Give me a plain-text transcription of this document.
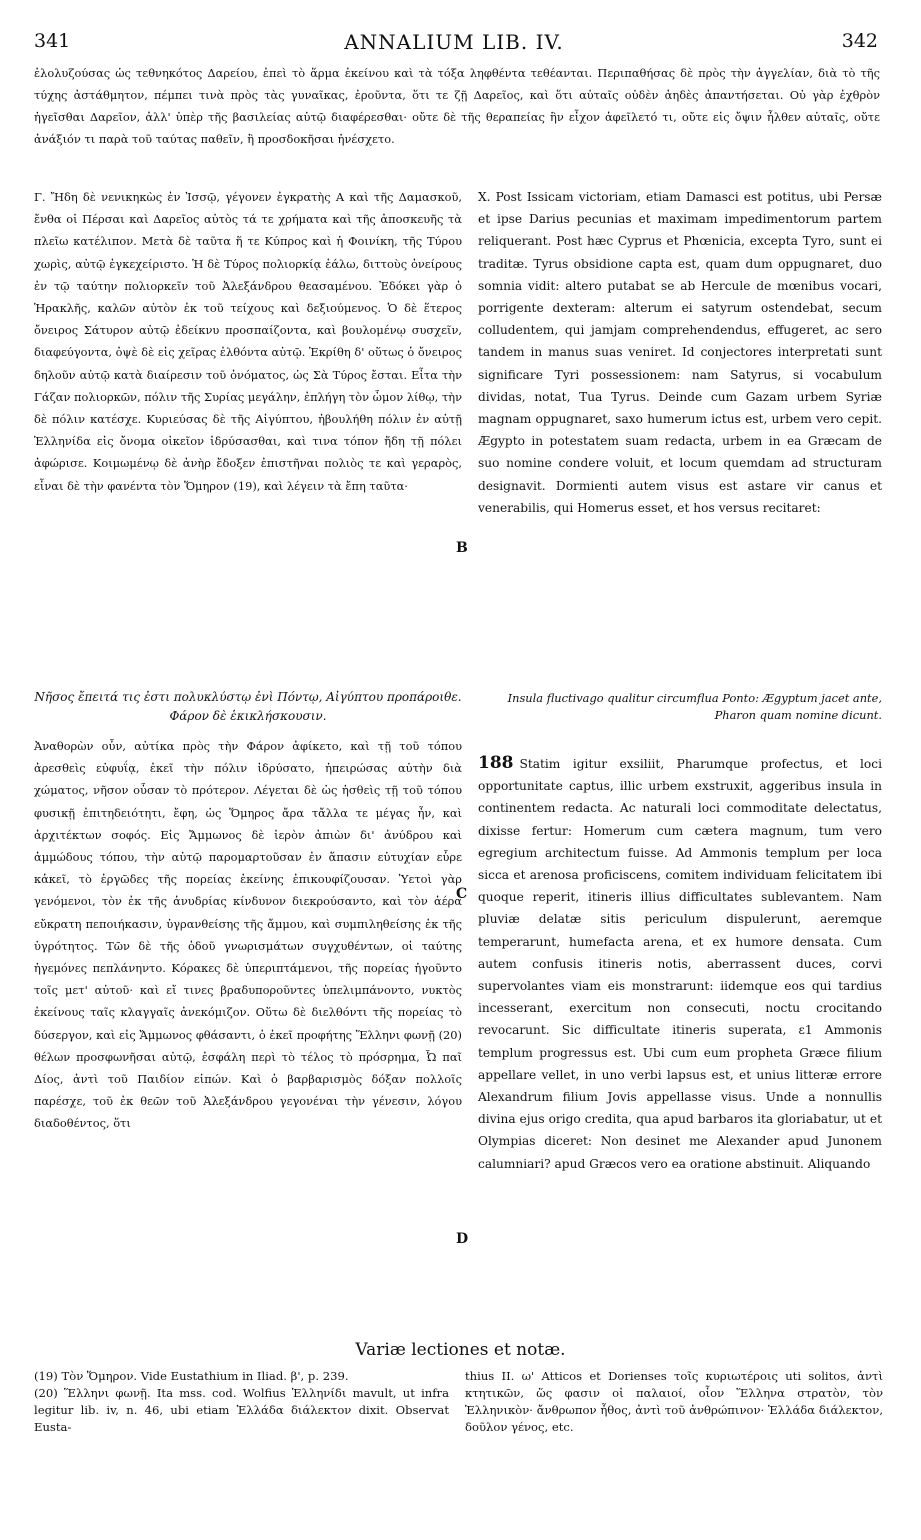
341	ANNALIUM LIB. IV.	342
ἐλολυζούσας ὡς τεθνηκότος Δαρείου, ἐπεὶ τὸ ἅρμα ἐκείνου καὶ τὰ τόξα ληφθέντα τεθέανται. Περιπαθήσας δὲ πρὸς τὴν ἀγγελίαν, διὰ τὸ τῆς τύχης ἀστάθμητον, πέμπει τινὰ πρὸς τὰς γυναῖκας, ἐροῦντα, ὅτι τε ζῇ Δαρεῖος, καὶ ὅτι αὐταῖς οὐδὲν ἀηδὲς ἀπαντήσεται. Οὐ γὰρ ἐχθρὸν ἡγεῖσθαι Δαρεῖον, ἀλλ' ὑπὲρ τῆς βασιλείας αὐτῷ διαφέρεσθαι· οὔτε δὲ τῆς θεραπείας ἣν εἶχον ἀφεῖλετό τι, οὔτε εἰς ὄψιν ἦλθεν αὐταῖς, οὔτε ἀνάξιόν τι παρὰ τοῦ ταύτας παθεῖν, ἢ προσδοκῆσαι ἠνέσχετο.
Γ. Ἤδη δὲ νενικηκὼς ἐν Ἰσσῷ, γέγονεν ἐγκρατὴς Α καὶ τῆς Δαμασκοῦ, ἔνθα οἱ Πέρσαι καὶ Δαρεῖος αὐτὸς τά τε χρήματα καὶ τῆς ἀποσκευῆς τὰ πλεῖω κατέλιπον. Μετὰ δὲ ταῦτα ἥ τε Κύπρος καὶ ἡ Φοινίκη, τῆς Τύρου χωρὶς, αὐτῷ ἐγκεχείριστο. Ἡ δὲ Τύρος πολιορκίᾳ ἑάλω, διττοὺς ὀνείρους ἐν τῷ ταύτην πολιορκεῖν τοῦ Ἀλεξάνδρου θεασαμένου. Ἐδόκει γὰρ ὁ Ἡρακλῆς, καλῶν αὐτὸν ἐκ τοῦ τείχους καὶ δεξιούμενος. Ὁ δὲ ἕτερος ὄνειρος Σάτυρον αὐτῷ ἐδείκνυ προσπαίζοντα, καὶ βουλομένῳ συσχεῖν, διαφεύγοντα, ὀψὲ δὲ εἰς χεῖρας ἐλθόντα αὐτῷ. Ἐκρίθη δ' οὕτως ὁ ὄνειρος δηλοῦν αὐτῷ κατὰ διαίρεσιν τοῦ ὀνόματος, ὡς Σὰ Τύρος ἔσται. Εἶτα τὴν Γάζαν πολιορκῶν, πόλιν τῆς Συρίας μεγάλην, ἐπλήγη τὸν ὦμον λίθῳ, τὴν δὲ πόλιν κατέσχε. Κυριεύσας δὲ τῆς Αἰγύπτου, ἠβουλήθη πόλιν ἐν αὐτῇ Ἑλληνίδα εἰς ὄνομα οἰκεῖον ἱδρύσασθαι, καὶ τινα τόπον ἤδη τῇ πόλει ἀφώρισε. Κοιμωμένῳ δὲ ἀνὴρ ἔδοξεν ἐπιστῆναι πολιὸς τε καὶ γεραρὸς, εἶναι δὲ τὴν φανέντα τὸν Ὅμηρον (19), καὶ λέγειν τὰ ἔπη ταῦτα·
X. Post Issicam victoriam, etiam Damasci est potitus, ubi Persæ et ipse Darius pecunias et maximam impedimentorum partem reliquerant. Post hæc Cyprus et Phœnicia, excepta Tyro, sunt ei traditæ. Tyrus obsidione capta est, quam dum oppugnaret, duo somnia vidit: altero putabat se ab Hercule de mœnibus vocari, porrigente dexteram: alterum ei satyrum ostendebat, secum colludentem, qui jamjam comprehendendus, effugeret, ac sero tandem in manus suas veniret. Id conjectores interpretati sunt significare Tyri possessionem: nam Satyrus, si vocabulum dividas, notat, Tua Tyrus. Deinde cum Gazam urbem Syriæ magnam oppugnaret, saxo humerum ictus est, urbem vero cepit. Ægypto in potestatem suam redacta, urbem in ea Græcam de suo nomine condere voluit, et locum quemdam ad structuram designavit. Dormienti autem visus est astare vir canus et venerabilis, qui Homerus esset, et hos versus recitaret:
B
Νῆσος ἔπειτά τις ἐστι πολυκλύστῳ ἐνὶ Πόντῳ, Αἰγύπτου προπάροιθε. Φάρον δὲ ἑκικλήσκουσιν.
Insula fluctivago qualitur circumflua Ponto: Ægyptum jacet ante, Pharon quam nomine dicunt.
Ἀναθορὼν οὖν, αὐτίκα πρὸς τὴν Φάρον ἀφίκετο, καὶ τῇ τοῦ τόπου ἀρεσθεὶς εὐφυΐᾳ, ἐκεῖ τὴν πόλιν ἱδρύσατο, ἠπειρώσας αὐτὴν διὰ χώματος, νῆσον οὖσαν τὸ πρότερον. Λέγεται δὲ ὡς ἡσθεὶς τῇ τοῦ τόπου φυσικῇ ἐπιτηδειότητι, ἔφη, ὡς Ὅμηρος ἄρα τἄλλα τε μέγας ἦν, καὶ ἀρχιτέκτων σοφός. Εἰς Ἄμμωνος δὲ ἱερὸν ἀπιὼν δι' ἀνύδρου καὶ ἀμμώδους τόπου, τὴν αὐτῷ παρομαρτοῦσαν ἐν ἅπασιν εὐτυχίαν εὗρε κἀκεῖ, τὸ ἐργῶδες τῆς πορείας ἐκείνης ἐπικουφίζουσαν. Ὑετοὶ γὰρ γενόμενοι, τὸν ἐκ τῆς ἀνυδρίας κίνδυνον διεκρούσαντο, καὶ τὸν ἀέρα εὔκρατη πεποιήκασιν, ὑγρανθείσης τῆς ἄμμου, καὶ συμπιληθείσης ἐκ τῆς ὑγρότητος. Τῶν δὲ τῆς ὁδοῦ γνωρισμάτων συγχυθέντων, οἱ ταύτης ἡγεμόνες πεπλάνηντο. Κόρακες δὲ ὑπεριπτάμενοι, τῆς πορείας ἡγοῦντο τοῖς μετ' αὐτοῦ· καὶ εἴ τινες βραδυποροῦντες ὑπελιμπάνοντο, νυκτὸς ἐκείνους ταῖς κλαγγαῖς ἀνεκόμιζον. Οὕτω δὲ διελθόντι τῆς πορείας τὸ δύσεργον, καὶ εἰς Ἄμμωνος φθάσαντι, ὁ ἐκεῖ προφήτης Ἕλληνι φωνῇ (20) θέλων προσφωνῆσαι αὐτῷ, ἐσφάλη περὶ τὸ τέλος τὸ πρόσρημα, Ὦ παῖ Δίος, ἀντὶ τοῦ Παιδίον εἰπών. Καὶ ὁ βαρβαρισμὸς δόξαν πολλοῖς παρέσχε, τοῦ ἐκ θεῶν τοῦ Ἀλεξάνδρου γεγονέναι τὴν γένεσιν, λόγου διαδοθέντος, ὅτι
188 Statim igitur exsiliit, Pharumque profectus, et loci opportunitate captus, illic urbem exstruxit, aggeribus insula in continentem redacta. Ac naturali loci commoditate delectatus, dixisse fertur: Homerum cum cætera magnum, tum vero egregium architectum fuisse. Ad Ammonis templum per loca sicca et arenosa proficiscens, comitem individuam felicitatem ibi quoque reperit, itineris illius difficultates sublevantem. Nam pluviæ delatæ sitis periculum dispulerunt, aeremque temperarunt, humefacta arena, et ex humore densata. Cum autem confusis itineris notis, aberrassent duces, corvi supervolantes viam eis monstrarunt: iidemque eos qui tardius incesserant, exercitum non consecuti, noctu crocitando revocarunt. Sic difficultate itineris superata, ε1 Ammonis templum progressus est. Ubi cum eum propheta Græce filium appellare vellet, in uno verbi lapsus est, et unius litteræ errore Alexandrum filium Jovis appellasse visus. Unde a nonnullis divina ejus origo credita, qua apud barbaros ita gloriabatur, ut et Olympias diceret: Non desinet me Alexander apud Junonem calumniari? apud Græcos vero ea oratione abstinuit. Aliquando
C
D
Variæ lectiones et notæ.

(19) Τὸν Ὅμηρον. Vide Eustathium in Iliad. β', p. 239.

(20) Ἕλληνι φωνῇ. Ita mss. cod. Wolfius Ἑλληνίδι mavult, ut infra legitur lib. iv, n. 46, ubi etiam Ἑλλάδα διάλεκτον dixit. Observat Eusta-

thius II. ω' Atticos et Dorienses τοῖς κυριωτέροις uti solitos, ἀντὶ κτητικῶν, ὥς φασιν οἱ παλαιοί, οἷον Ἕλληνα στρατὸν, τὸν Ἑλληνικὸν· ἄνθρωπον ἦθος, ἀντὶ τοῦ ἀνθρώπινον· Ἑλλάδα διάλεκτον, δοῦλον γένος, etc.
